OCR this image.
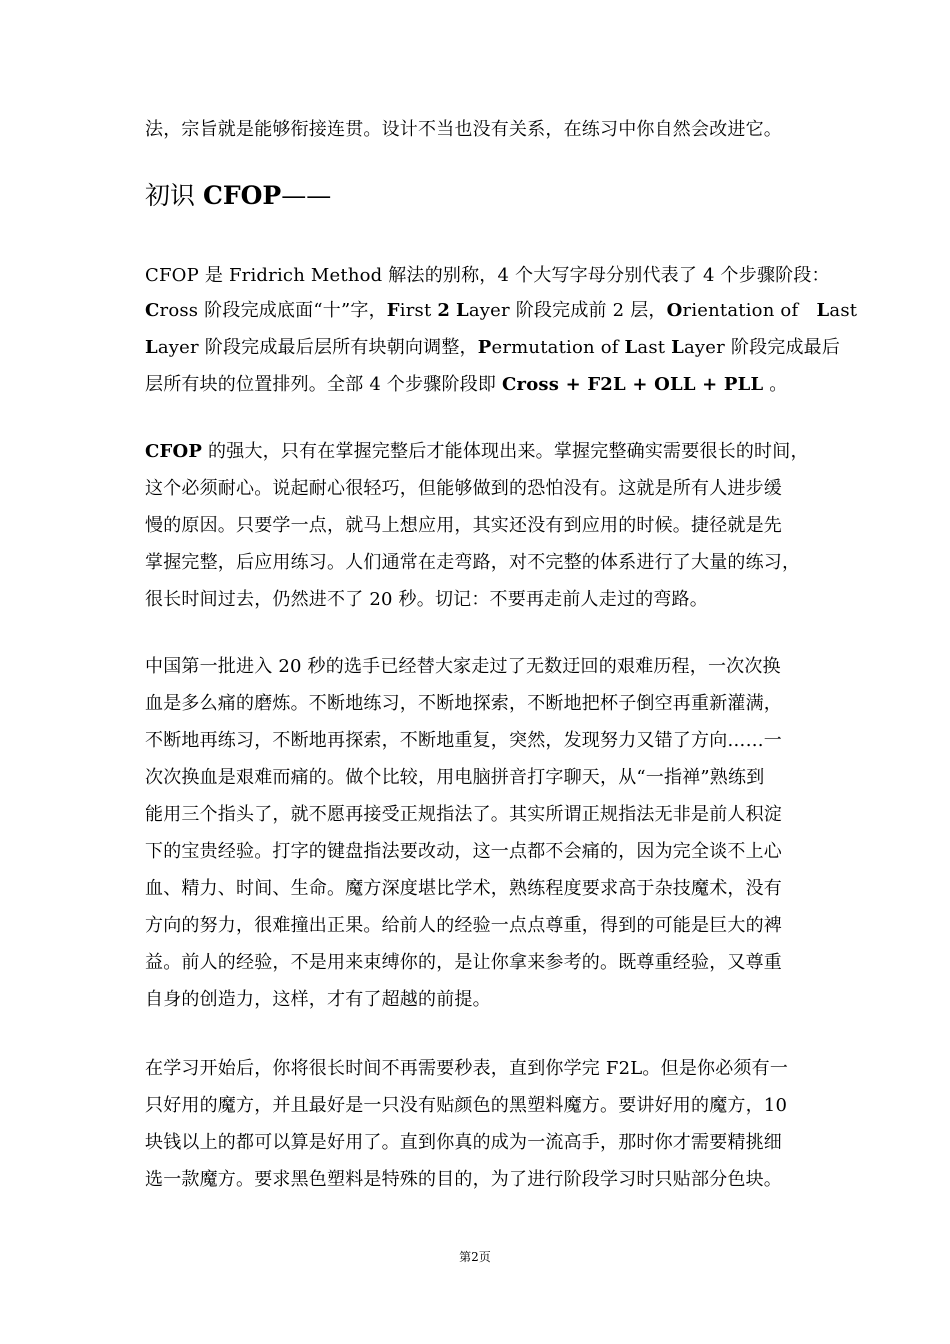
法，宗旨就是能够衔接连贯。设计不当也没有关系，在练习中你自然会改进它。
初识 CFOP——
CFOP 是 Fridrich Method 解法的别称，4 个大写字母分别代表了 4 个步骤阶段：
Cross 阶段完成底面“十”字，First 2 Layer 阶段完成前 2 层，Orientation of　Last
Layer 阶段完成最后层所有块朝向调整，Permutation of Last Layer 阶段完成最后
层所有块的位置排列。全部 4 个步骤阶段即 Cross + F2L + OLL + PLL 。
CFOP 的强大，只有在掌握完整后才能体现出来。掌握完整确实需要很长的时间，
这个必须耐心。说起耐心很轻巧，但能够做到的恐怕没有。这就是所有人进步缓
慢的原因。只要学一点，就马上想应用，其实还没有到应用的时候。捷径就是先
掌握完整，后应用练习。人们通常在走弯路，对不完整的体系进行了大量的练习，
很长时间过去，仍然进不了 20 秒。切记：不要再走前人走过的弯路。
中国第一批进入 20 秒的选手已经替大家走过了无数迂回的艰难历程，一次次换
血是多么痛的磨炼。不断地练习，不断地探索，不断地把杯子倒空再重新灌满，
不断地再练习，不断地再探索，不断地重复，突然，发现努力又错了方向……一
次次换血是艰难而痛的。做个比较，用电脑拼音打字聊天，从“一指禅”熟练到
能用三个指头了，就不愿再接受正规指法了。其实所谓正规指法无非是前人积淀
下的宝贵经验。打字的键盘指法要改动，这一点都不会痛的，因为完全谈不上心
血、精力、时间、生命。魔方深度堪比学术，熟练程度要求高于杂技魔术，没有
方向的努力，很难撞出正果。给前人的经验一点点尊重，得到的可能是巨大的裨
益。前人的经验，不是用来束缚你的，是让你拿来参考的。既尊重经验，又尊重
自身的创造力，这样，才有了超越的前提。
在学习开始后，你将很长时间不再需要秒表，直到你学完 F2L。但是你必须有一
只好用的魔方，并且最好是一只没有贴颜色的黑塑料魔方。要讲好用的魔方，10
块钱以上的都可以算是好用了。直到你真的成为一流高手，那时你才需要精挑细
选一款魔方。要求黑色塑料是特殊的目的，为了进行阶段学习时只贴部分色块。
第2页
